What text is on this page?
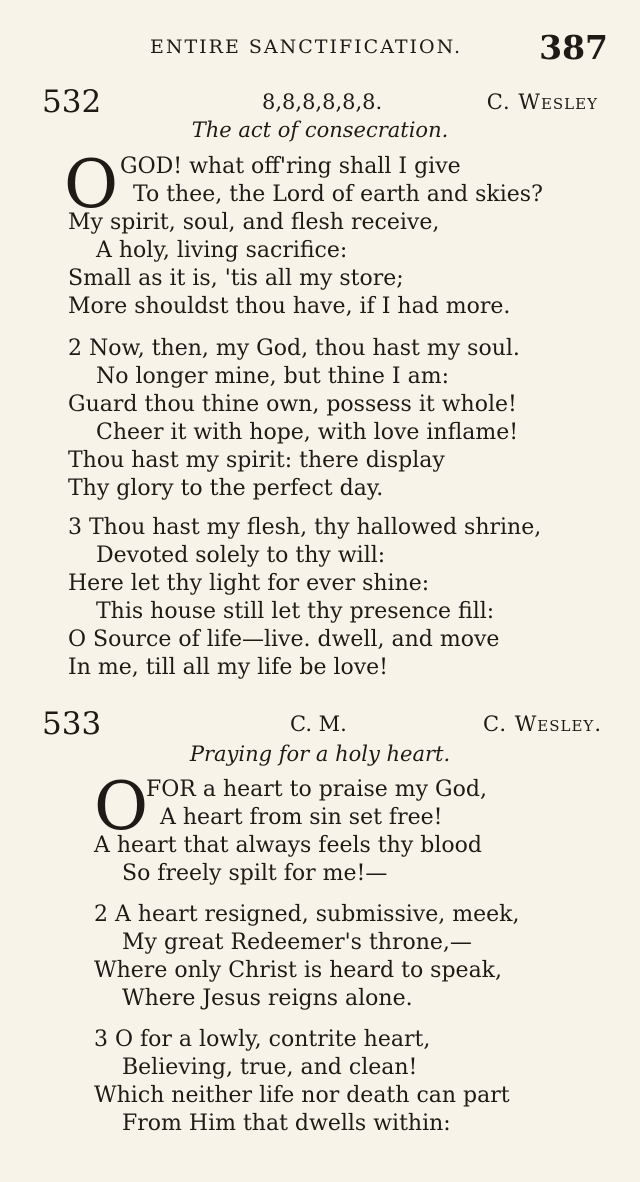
ENTIRE SANCTIFICATION. 387
532	8,8,8,8,8,8.	C. Wesley
The act of consecration.
O GOD! what off'ring shall I give
To thee, the Lord of earth and skies?
My spirit, soul, and flesh receive,
A holy, living sacrifice:
Small as it is, 'tis all my store;
More shouldst thou have, if I had more.
2 Now, then, my God, thou hast my soul.
No longer mine, but thine I am:
Guard thou thine own, possess it whole!
Cheer it with hope, with love inflame!
Thou hast my spirit: there display
Thy glory to the perfect day.
3 Thou hast my flesh, thy hallowed shrine,
Devoted solely to thy will:
Here let thy light for ever shine:
This house still let thy presence fill:
O Source of life—live. dwell, and move
In me, till all my life be love!
533	C. M.	C. Wesley.
Praying for a holy heart.
O
FOR a heart to praise my God,
A heart from sin set free!
A heart that always feels thy blood
So freely spilt for me!—
2 A heart resigned, submissive, meek,
My great Redeemer's throne,—
Where only Christ is heard to speak,
Where Jesus reigns alone.
3 O for a lowly, contrite heart,
Believing, true, and clean!
Which neither life nor death can part
From Him that dwells within:
